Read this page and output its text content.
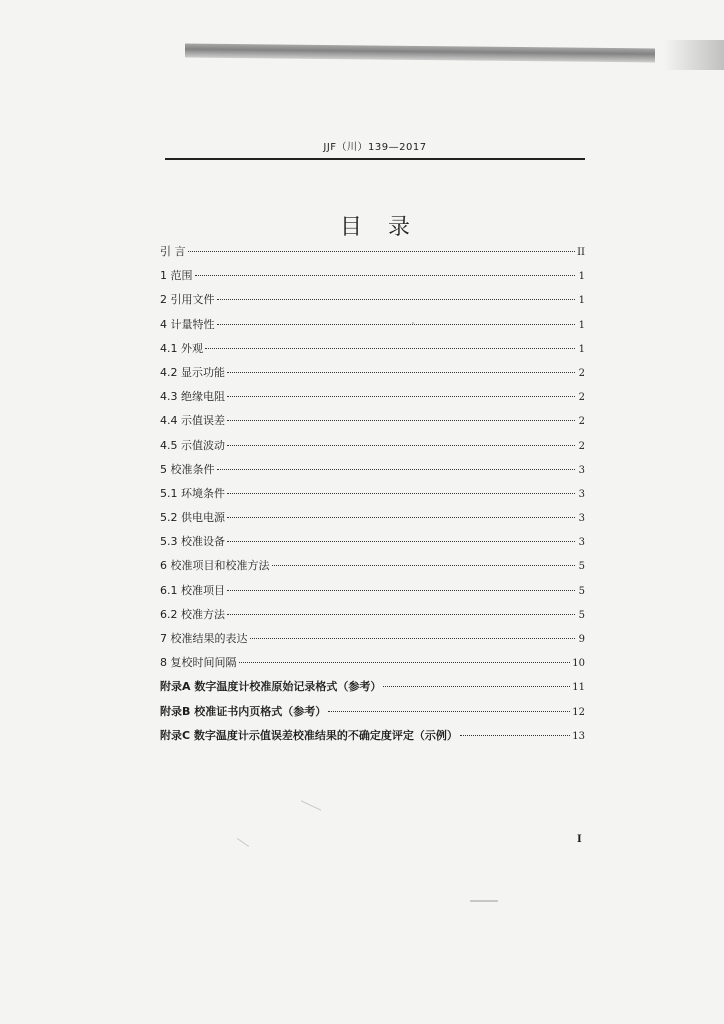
JJF（川）139—2017
目录
引 言	II
1 范围	1
2 引用文件	1
4 计量特性	1
4.1 外观	1
4.2 显示功能	2
4.3 绝缘电阻	2
4.4 示值误差	2
4.5 示值波动	2
5 校准条件	3
5.1 环境条件	3
5.2 供电电源	3
5.3 校准设备	3
6 校准项目和校准方法	5
6.1 校准项目	5
6.2 校准方法	5
7 校准结果的表达	9
8 复校时间间隔	10
附录A 数字温度计校准原始记录格式（参考）	11
附录B 校准证书内页格式（参考）	12
附录C 数字温度计示值误差校准结果的不确定度评定（示例）	13
I
